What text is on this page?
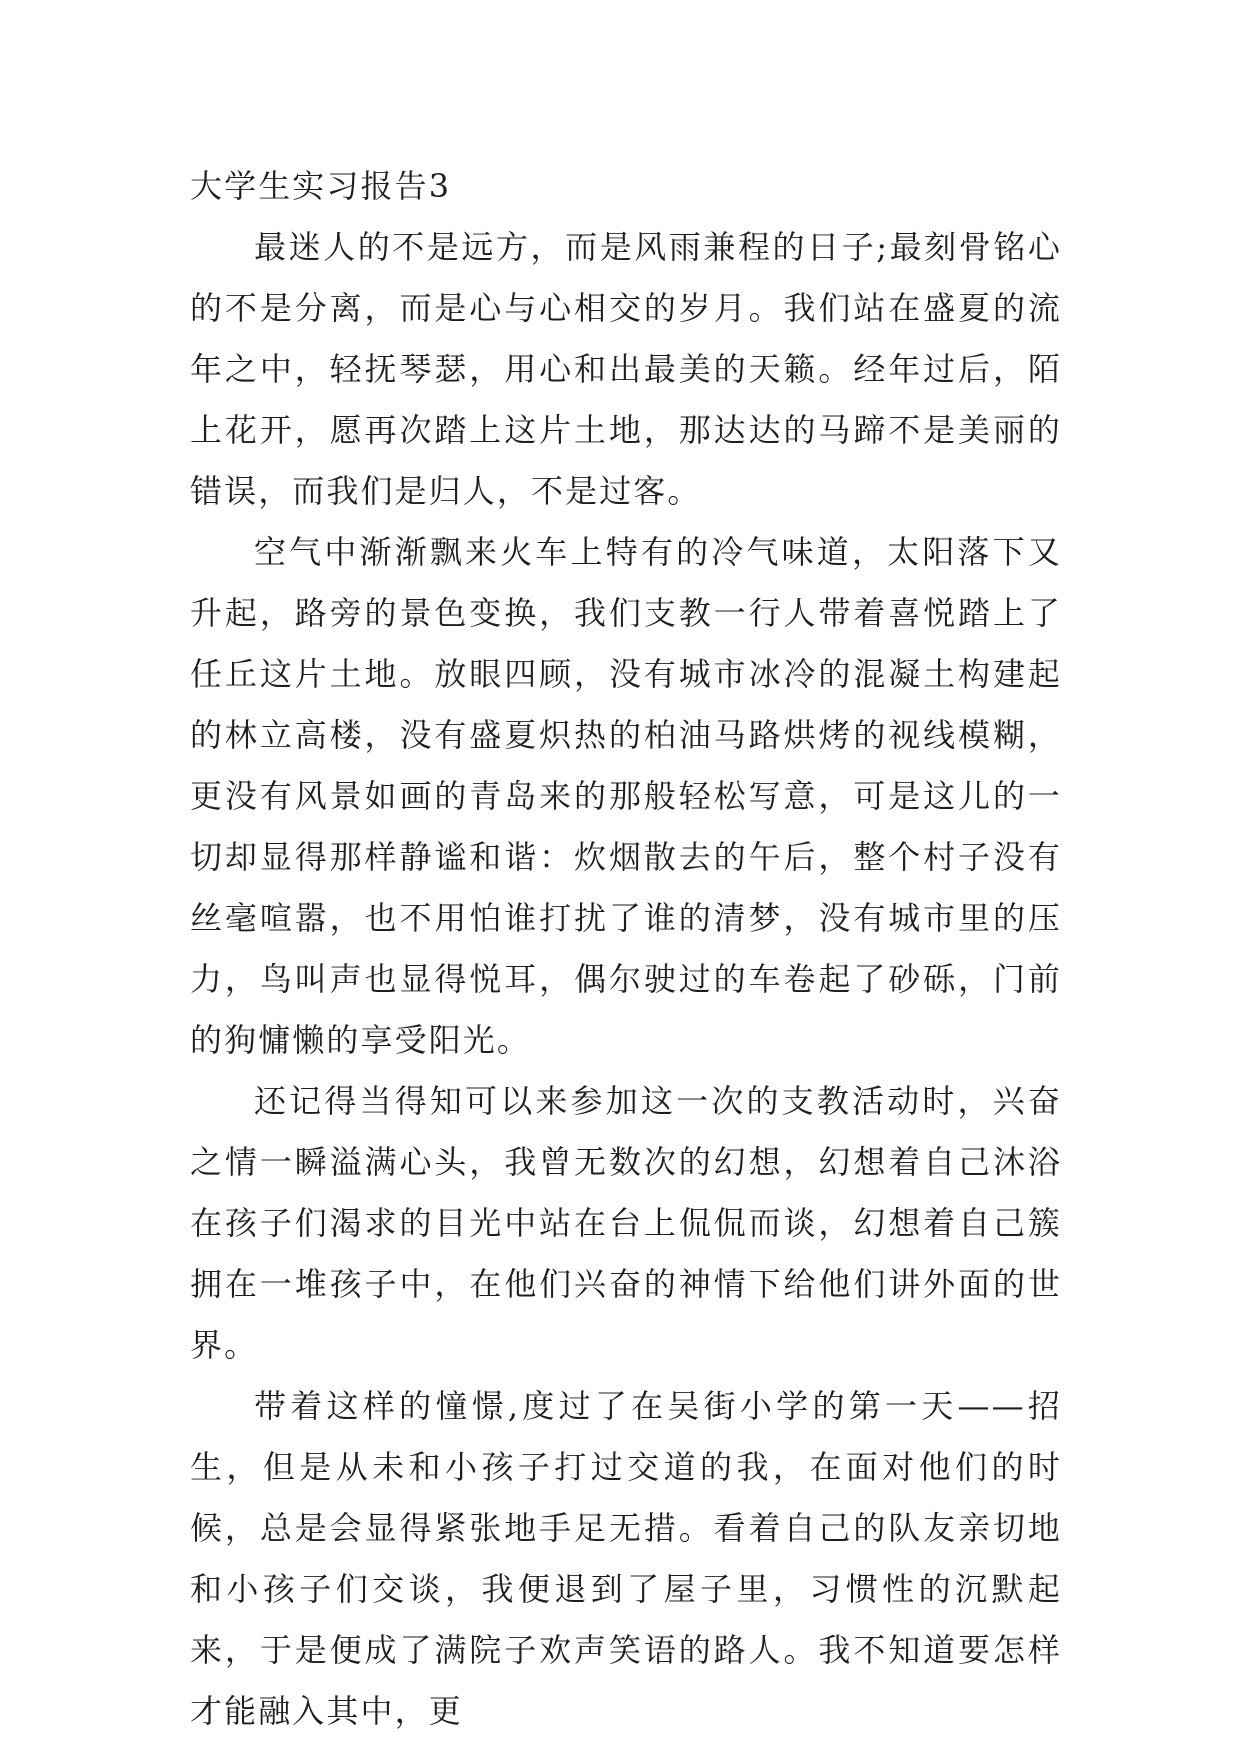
大学生实习报告3

最迷人的不是远方，而是风雨兼程的日子;最刻骨铭心的不是分离，而是心与心相交的岁月。我们站在盛夏的流年之中，轻抚琴瑟，用心和出最美的天籁。经年过后，陌上花开，愿再次踏上这片土地，那达达的马蹄不是美丽的错误，而我们是归人，不是过客。

空气中渐渐飘来火车上特有的冷气味道，太阳落下又升起，路旁的景色变换，我们支教一行人带着喜悦踏上了任丘这片土地。放眼四顾，没有城市冰冷的混凝土构建起的林立高楼，没有盛夏炽热的柏油马路烘烤的视线模糊，更没有风景如画的青岛来的那般轻松写意，可是这儿的一切却显得那样静谧和谐：炊烟散去的午后，整个村子没有丝毫喧嚣，也不用怕谁打扰了谁的清梦，没有城市里的压力，鸟叫声也显得悦耳，偶尔驶过的车卷起了砂砾，门前的狗慵懒的享受阳光。

还记得当得知可以来参加这一次的支教活动时，兴奋之情一瞬溢满心头，我曾无数次的幻想，幻想着自己沐浴在孩子们渴求的目光中站在台上侃侃而谈，幻想着自己簇拥在一堆孩子中，在他们兴奋的神情下给他们讲外面的世界。

带着这样的憧憬,度过了在吴街小学的第一天——招生，但是从未和小孩子打过交道的我，在面对他们的时候，总是会显得紧张地手足无措。看着自己的队友亲切地和小孩子们交谈，我便退到了屋子里，习惯性的沉默起来，于是便成了满院子欢声笑语的路人。我不知道要怎样才能融入其中，更
